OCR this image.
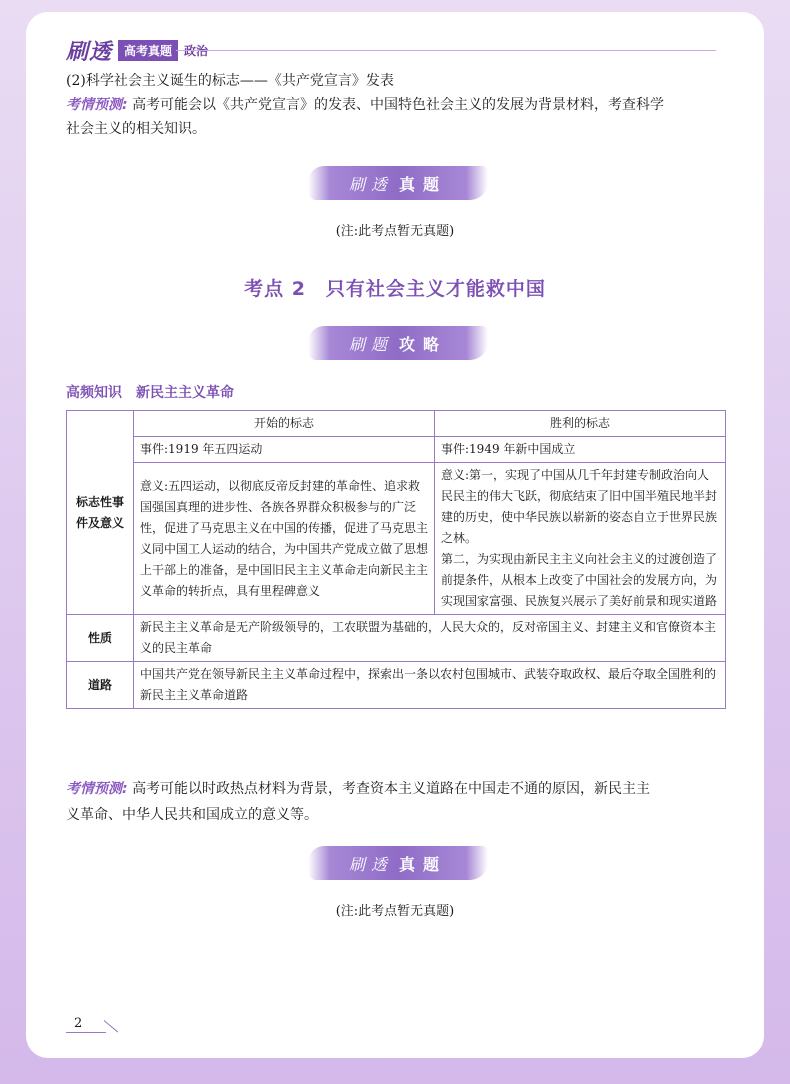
刷透	高考真题	政治
(2)科学社会主义诞生的标志——《共产党宣言》发表
考情预测: 高考可能会以《共产党宣言》的发表、中国特色社会主义的发展为背景材料，考查科学
社会主义的相关知识。
刷透 真题
(注:此考点暂无真题)
考点 2　只有社会主义才能救中国
刷题 攻略
高频知识　新民主主义革命
标志性事件及意义	开始的标志	胜利的标志
	事件:1919 年五四运动	事件:1949 年新中国成立
	意义:五四运动，以彻底反帝反封建的革命性、追求救国强国真理的进步性、各族各界群众积极参与的广泛性，促进了马克思主义在中国的传播，促进了马克思主义同中国工人运动的结合，为中国共产党成立做了思想上干部上的准备，是中国旧民主主义革命走向新民主主义革命的转折点，具有里程碑意义	意义:第一，实现了中国从几千年封建专制政治向人民民主的伟大飞跃，彻底结束了旧中国半殖民地半封建的历史，使中华民族以崭新的姿态自立于世界民族之林。
第二，为实现由新民主主义向社会主义的过渡创造了前提条件，从根本上改变了中国社会的发展方向，为实现国家富强、民族复兴展示了美好前景和现实道路

性质	新民主主义革命是无产阶级领导的，工农联盟为基础的，人民大众的，反对帝国主义、封建主义和官僚资本主义的民主革命	
道路	中国共产党在领导新民主主义革命过程中，探索出一条以农村包围城市、武装夺取政权、最后夺取全国胜利的新民主主义革命道路	
考情预测: 高考可能以时政热点材料为背景，考查资本主义道路在中国走不通的原因，新民主主
义革命、中华人民共和国成立的意义等。
刷透 真题
(注:此考点暂无真题)
2
